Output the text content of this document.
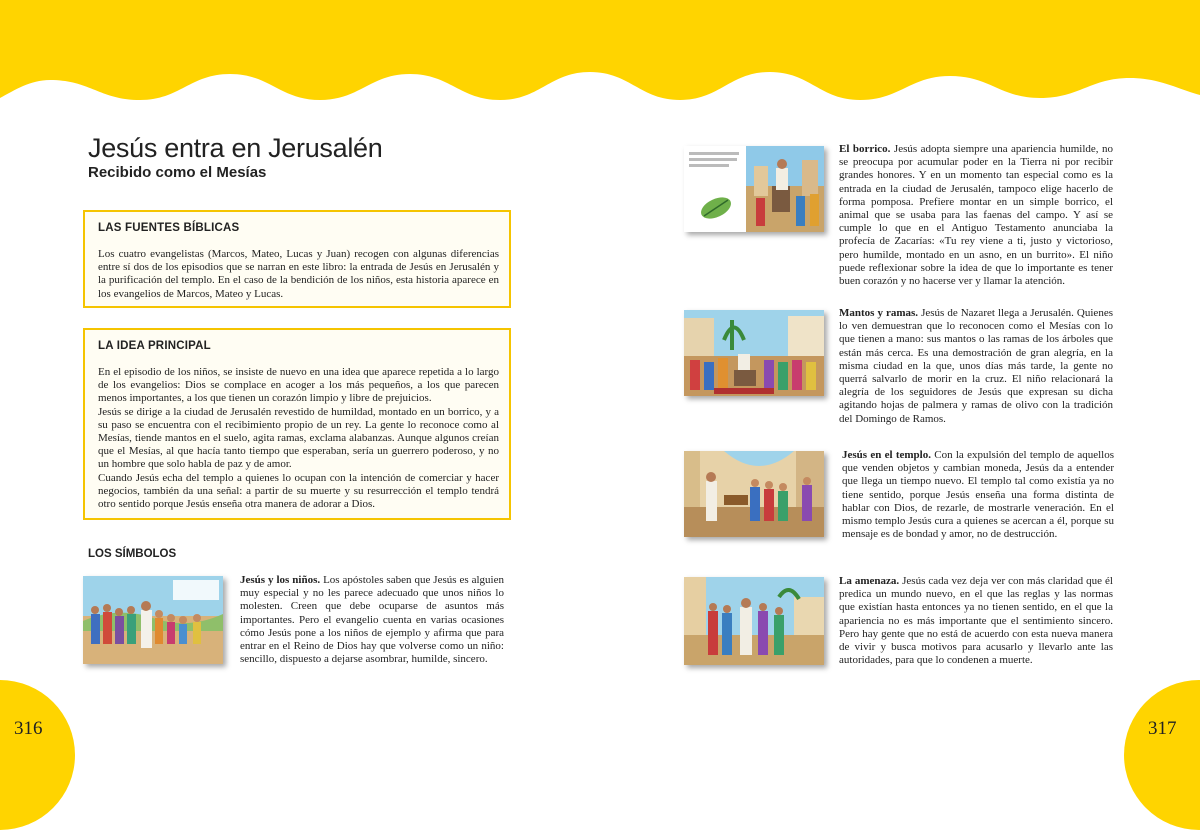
316	317
Jesús entra en Jerusalén
Recibido como el Mesías
LAS FUENTES BÍBLICAS

Los cuatro evangelistas (Marcos, Mateo, Lucas y Juan) recogen con algunas diferencias entre sí dos de los episodios que se narran en este libro: la entrada de Jesús en Jerusalén y la purificación del templo. En el caso de la bendición de los niños, esta historia aparece en los evangelios de Marcos, Mateo y Lucas.

LA IDEA PRINCIPAL

En el episodio de los niños, se insiste de nuevo en una idea que aparece repetida a lo largo de los evangelios: Dios se complace en acoger a los más pequeños, a los que parecen menos importantes, a los que tienen un corazón limpio y libre de prejuicios.

Jesús se dirige a la ciudad de Jerusalén revestido de humildad, montado en un borrico, y a su paso se encuentra con el recibimiento propio de un rey. La gente lo reconoce como al Mesías, tiende mantos en el suelo, agita ramas, exclama alabanzas. Aunque algunos creían que el Mesías, al que hacía tanto tiempo que esperaban, sería un guerrero poderoso, y no un hombre que solo habla de paz y de amor.

Cuando Jesús echa del templo a quienes lo ocupan con la intención de comerciar y hacer negocios, también da una señal: a partir de su muerte y su resurrección el templo tendrá otro sentido porque Jesús enseña otra manera de adorar a Dios.

LOS SÍMBOLOS
Jesús y los niños. Los apóstoles saben que Jesús es alguien muy especial y no les parece adecuado que unos niños lo molesten. Creen que debe ocuparse de asuntos más importantes. Pero el evangelio cuenta en varias ocasiones cómo Jesús pone a los niños de ejemplo y afirma que para entrar en el Reino de Dios hay que volverse como un niño: sencillo, dispuesto a dejarse asombrar, humilde, sincero.
El borrico. Jesús adopta siempre una apariencia humilde, no se preocupa por acumular poder en la Tierra ni por recibir grandes honores. Y en un momento tan especial como es la entrada en la ciudad de Jerusalén, tampoco elige hacerlo de forma pomposa. Prefiere montar en un simple borrico, el animal que se usaba para las faenas del campo. Y así se cumple lo que en el Antiguo Testamento anunciaba la profecía de Zacarías: «Tu rey viene a ti, justo y victorioso, pero humilde, montado en un asno, en un burrito». El niño puede reflexionar sobre la idea de que lo importante es tener buen corazón y no hacerse ver y llamar la atención.
Mantos y ramas. Jesús de Nazaret llega a Jerusalén. Quienes lo ven demuestran que lo reconocen como el Mesías con lo que tienen a mano: sus mantos o las ramas de los árboles que están más cerca. Es una demostración de gran alegría, en la misma ciudad en la que, unos días más tarde, la gente no querrá salvarlo de morir en la cruz. El niño relacionará la alegría de los seguidores de Jesús que expresan su dicha agitando hojas de palmera y ramas de olivo con la tradición del Domingo de Ramos.
Jesús en el templo. Con la expulsión del templo de aquellos que venden objetos y cambian moneda, Jesús da a entender que llega un tiempo nuevo. El templo tal como existía ya no tiene sentido, porque Jesús enseña una forma distinta de hablar con Dios, de rezarle, de mostrarle veneración. En el mismo templo Jesús cura a quienes se acercan a él, porque su mensaje es de bondad y amor, no de destrucción.
La amenaza. Jesús cada vez deja ver con más claridad que él predica un mundo nuevo, en el que las reglas y las normas que existían hasta entonces ya no tienen sentido, en el que la apariencia no es más importante que el sentimiento sincero. Pero hay gente que no está de acuerdo con esta nueva manera de vivir y busca motivos para acusarlo y llevarlo ante las autoridades, para que lo condenen a muerte.
